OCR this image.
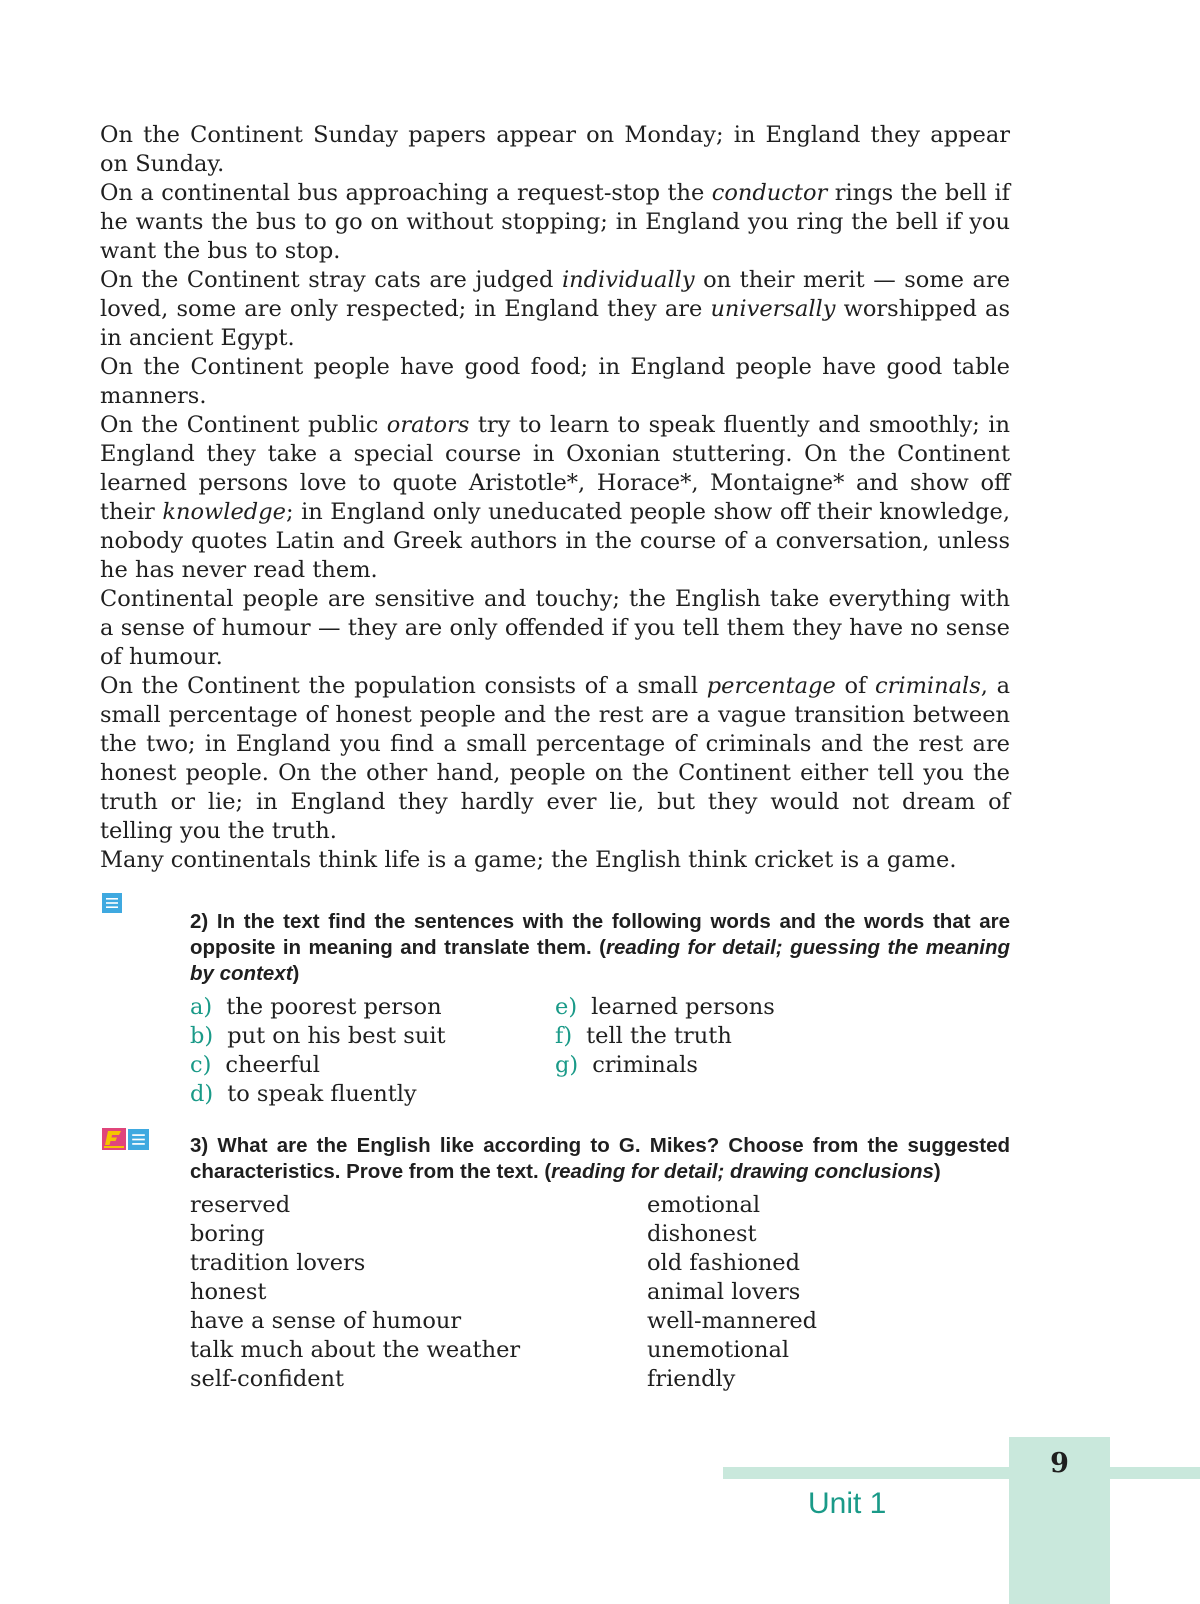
On the Continent Sunday papers appear on Monday; in England they appear on Sunday.

On a continental bus approaching a request-stop the conductor rings the bell if he wants the bus to go on without stopping; in England you ring the bell if you want the bus to stop.

On the Continent stray cats are judged individually on their merit — some are loved, some are only respected; in England they are universally worshipped as in ancient Egypt.

On the Continent people have good food; in England people have good table manners.

On the Continent public orators try to learn to speak fluently and smoothly; in England they take a special course in Oxonian stuttering. On the Continent learned persons love to quote Aristotle*, Horace*, Montaigne* and show off their knowledge; in England only uneducated people show off their knowledge, nobody quotes Latin and Greek authors in the course of a conversation, unless he has never read them.

Continental people are sensitive and touchy; the English take everything with a sense of humour — they are only offended if you tell them they have no sense of humour.

On the Continent the population consists of a small percentage of criminals, a small percentage of honest people and the rest are a vague transition between the two; in England you find a small percentage of criminals and the rest are honest people. On the other hand, people on the Continent either tell you the truth or lie; in England they hardly ever lie, but they would not dream of telling you the truth.

Many continentals think life is a game; the English think cricket is a game.

2) In the text find the sentences with the following words and the words that are opposite in meaning and translate them. (reading for detail; guessing the meaning by context)

a) the poorest person
b) put on his best suit
c) cheerful
d) to speak fluently
e) learned persons
f) tell the truth
g) criminals

3) What are the English like according to G. Mikes? Choose from the suggested characteristics. Prove from the text. (reading for detail; drawing conclusions)

reserved
boring
tradition lovers
honest
have a sense of humour
talk much about the weather
self-confident
emotional
dishonest
old fashioned
animal lovers
well-mannered
unemotional
friendly
9
Unit 1
